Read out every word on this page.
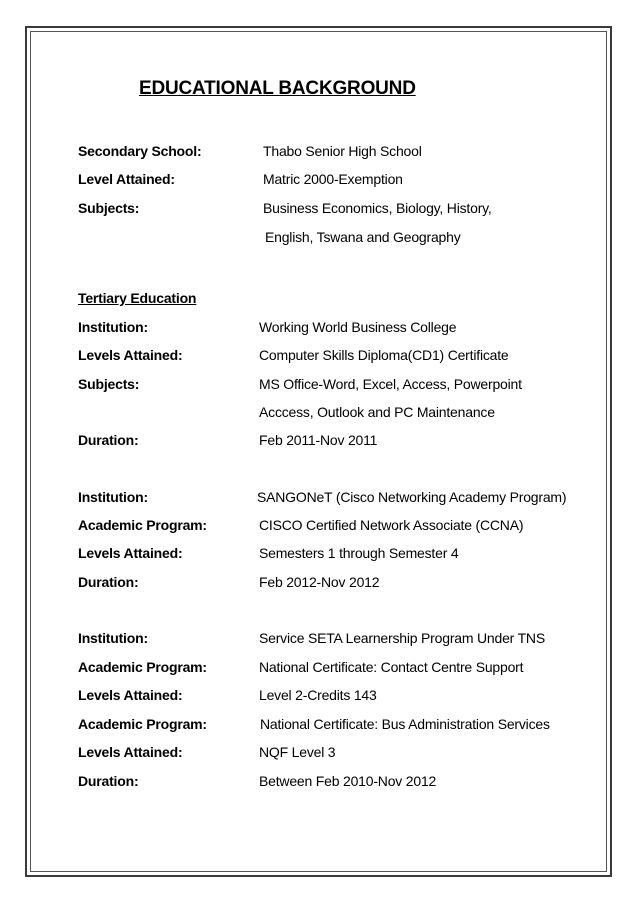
EDUCATIONAL BACKGROUND
Secondary School:	Thabo Senior High School
Level Attained:	Matric 2000-Exemption
Subjects:	Business Economics, Biology, History,
English, Tswana and Geography
Tertiary Education
Institution:	Working World Business College
Levels Attained:	Computer Skills Diploma(CD1) Certificate
Subjects:	MS Office-Word, Excel, Access, Powerpoint
Acccess, Outlook and PC Maintenance
Duration:	Feb 2011-Nov 2011
Institution:	SANGONeT (Cisco Networking Academy Program)
Academic Program:	CISCO Certified Network Associate (CCNA)
Levels Attained:	Semesters 1 through Semester 4
Duration:	Feb 2012-Nov 2012
Institution:	Service SETA Learnership Program Under TNS
Academic Program:	National Certificate: Contact Centre Support
Levels Attained:	Level 2-Credits 143
Academic Program:	National Certificate: Bus Administration Services
Levels Attained:	NQF Level 3
Duration:	Between Feb 2010-Nov 2012
